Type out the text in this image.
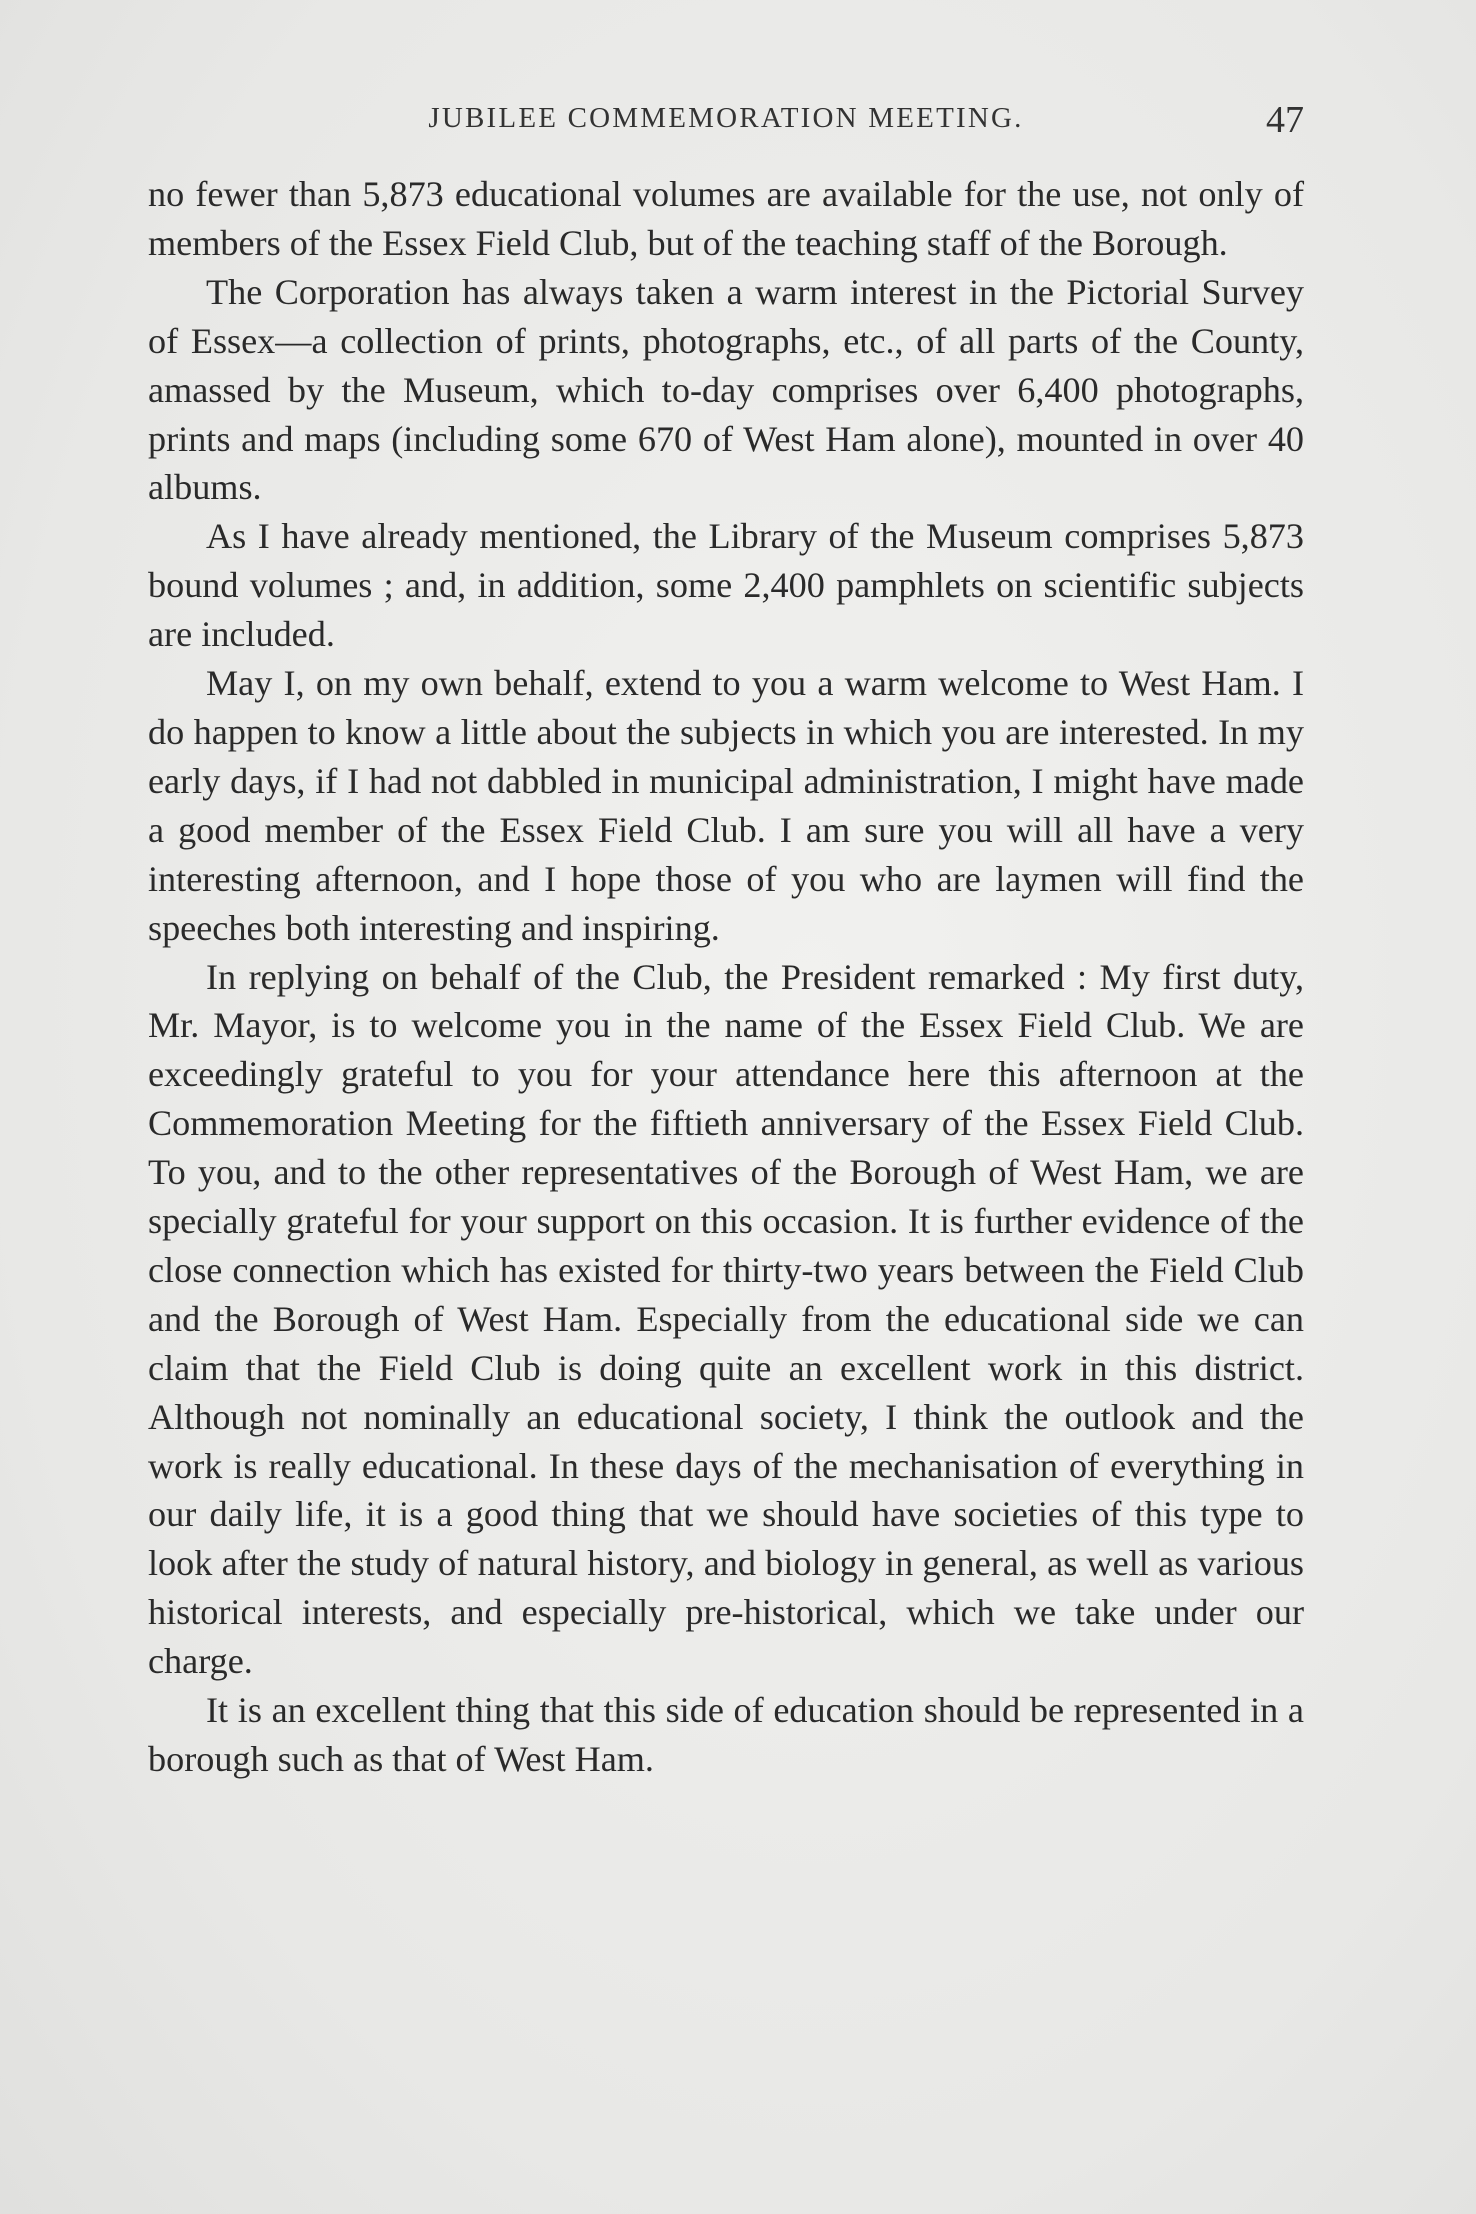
JUBILEE COMMEMORATION MEETING.	47

no fewer than 5,873 educational volumes are available for the use, not only of members of the Essex Field Club, but of the teaching staff of the Borough.

The Corporation has always taken a warm interest in the Pictorial Survey of Essex—a collection of prints, photographs, etc., of all parts of the County, amassed by the Museum, which to-day comprises over 6,400 photographs, prints and maps (including some 670 of West Ham alone), mounted in over 40 albums.

As I have already mentioned, the Library of the Museum comprises 5,873 bound volumes ; and, in addition, some 2,400 pamphlets on scientific subjects are included.

May I, on my own behalf, extend to you a warm welcome to West Ham. I do happen to know a little about the subjects in which you are interested. In my early days, if I had not dabbled in municipal administration, I might have made a good member of the Essex Field Club. I am sure you will all have a very interesting afternoon, and I hope those of you who are laymen will find the speeches both interesting and inspiring.

In replying on behalf of the Club, the President remarked : My first duty, Mr. Mayor, is to welcome you in the name of the Essex Field Club. We are exceedingly grateful to you for your attendance here this afternoon at the Commemoration Meeting for the fiftieth anniversary of the Essex Field Club. To you, and to the other representatives of the Borough of West Ham, we are specially grateful for your support on this occasion. It is further evidence of the close connection which has existed for thirty-two years between the Field Club and the Borough of West Ham. Especially from the educational side we can claim that the Field Club is doing quite an excellent work in this district. Although not nominally an educational society, I think the outlook and the work is really educational. In these days of the mechanisation of everything in our daily life, it is a good thing that we should have societies of this type to look after the study of natural history, and biology in general, as well as various historical interests, and especially pre-historical, which we take under our charge.

It is an excellent thing that this side of education should be represented in a borough such as that of West Ham.
